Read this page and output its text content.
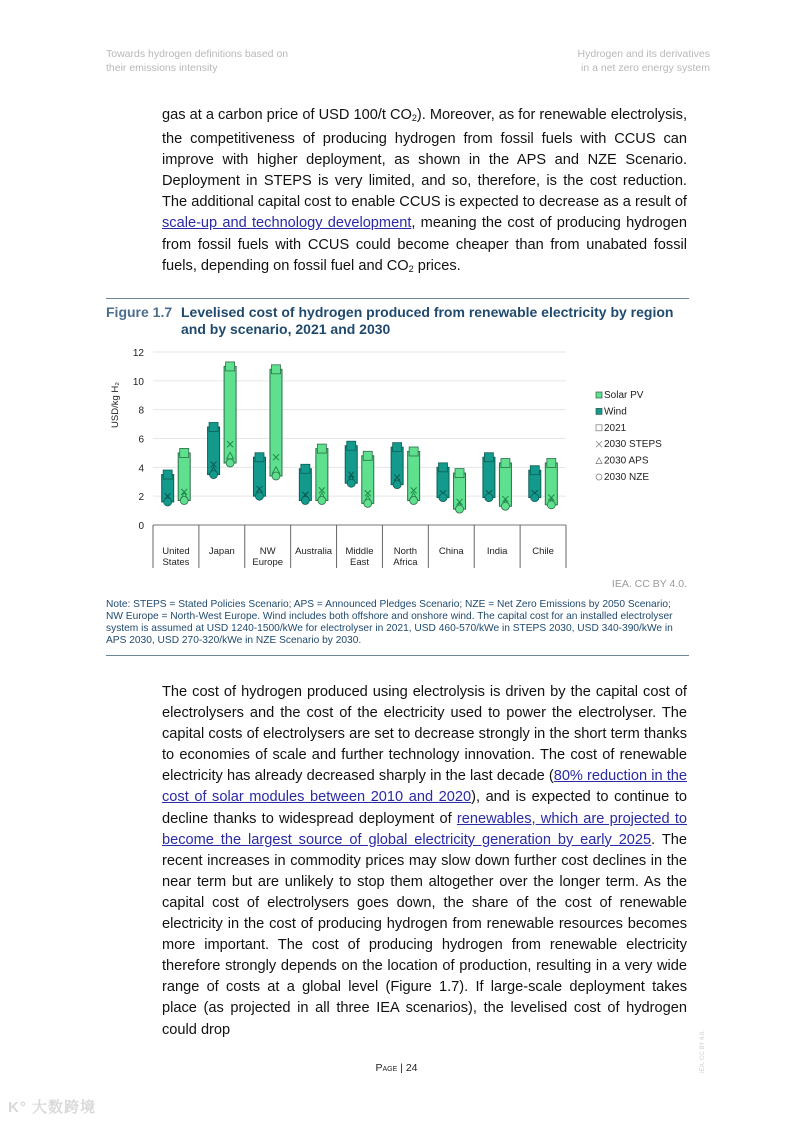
Towards hydrogen definitions based on
their emissions intensity
Hydrogen and its derivatives
in a net zero energy system
gas at a carbon price of USD 100/t $CO_2$). Moreover, as for renewable electrolysis, the competitiveness of producing hydrogen from fossil fuels with CCUS can improve with higher deployment, as shown in the APS and NZE Scenario. Deployment in STEPS is very limited, and so, therefore, is the cost reduction. The additional capital cost to enable CCUS is expected to decrease as a result of scale-up and technology development, meaning the cost of producing hydrogen from fossil fuels with CCUS could become cheaper than from unabated fossil fuels, depending on fossil fuel and $CO_2$ prices.
Figure 1.7 Levelised cost of hydrogen produced from renewable electricity by region and by scenario, 2021 and 2030
0
2
4
6
8
10
12
USD/kg H₂
United
States
Japan	NW
Europe
Australia Middle
East
North
Africa
China India	Chile
Solar PV
Wind
2021
2030 STEPS
2030 APS
2030 NZE
IEA. CC BY 4.0.
Note: STEPS = Stated Policies Scenario; APS = Announced Pledges Scenario; NZE = Net Zero Emissions by 2050 Scenario; NW Europe = North-West Europe. Wind includes both offshore and onshore wind. The capital cost for an installed electrolyser system is assumed at USD 1240-1500/kWe for electrolyser in 2021, USD 460-570/kWe in STEPS 2030, USD 340-390/kWe in APS 2030, USD 270-320/kWe in NZE Scenario by 2030.
The cost of hydrogen produced using electrolysis is driven by the capital cost of electrolysers and the cost of the electricity used to power the electrolyser. The capital costs of electrolysers are set to decrease strongly in the short term thanks to economies of scale and further technology innovation. The cost of renewable electricity has already decreased sharply in the last decade (80% reduction in the cost of solar modules between 2010 and 2020), and is expected to continue to decline thanks to widespread deployment of renewables, which are projected to become the largest source of global electricity generation by early 2025. The recent increases in commodity prices may slow down further cost declines in the near term but are unlikely to stop them altogether over the longer term. As the capital cost of electrolysers goes down, the share of the cost of renewable electricity in the cost of producing hydrogen from renewable resources becomes more important. The cost of producing hydrogen from renewable electricity therefore strongly depends on the location of production, resulting in a very wide range of costs at a global level (Figure 1.7). If large-scale deployment takes place (as projected in all three IEA scenarios), the levelised cost of hydrogen could drop
Page | 24	IEA. CC BY 4.0.
K° 大数跨境
